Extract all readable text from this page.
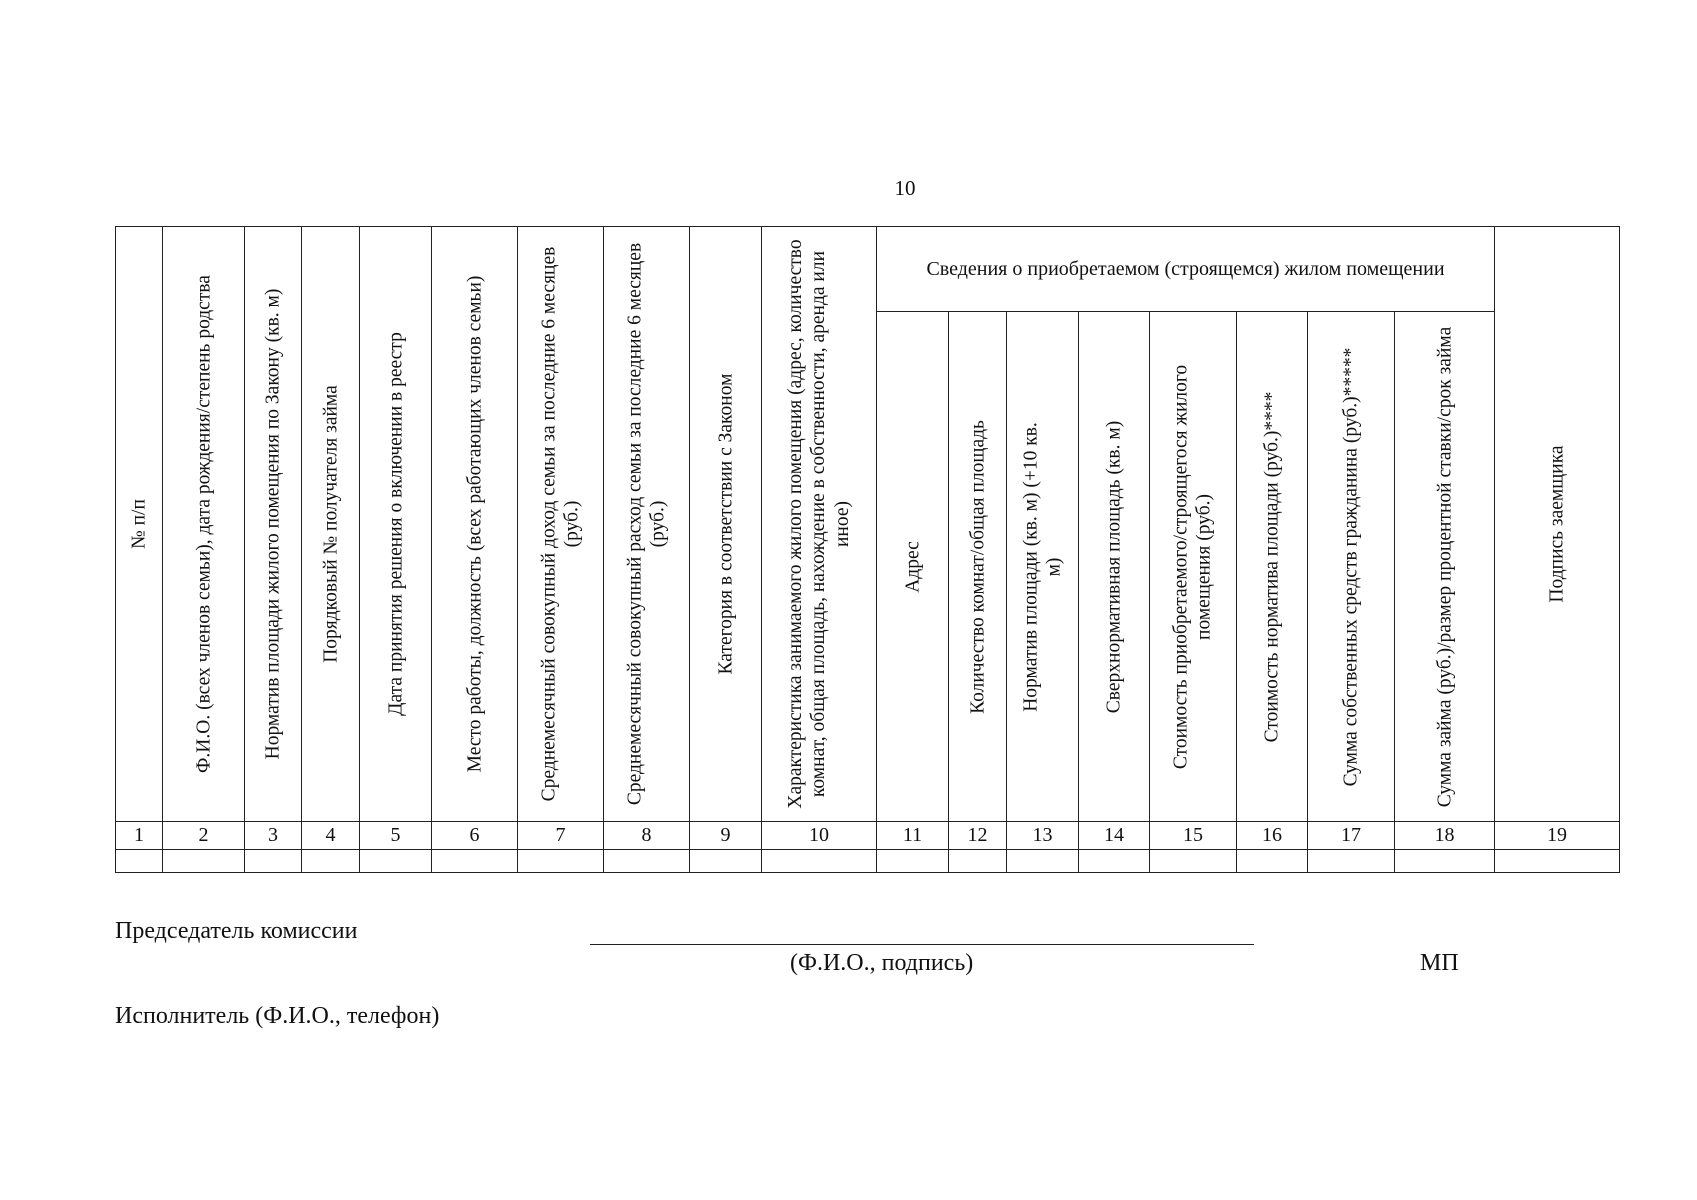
10
№ п/п	Ф.И.О. (всех членов семьи), дата рождения/степень родства	Норматив площади жилого помещения по Закону (кв. м)	Порядковый № получателя займа	Дата принятия решения о включении в реестр	Место работы, должность (всех работающих членов семьи)	Среднемесячный совокупный доход семьи за последние 6 месяцев (руб.)	Среднемесячный совокупный расход семьи за последние 6 месяцев (руб.)	Категория в соответствии с Законом	Характеристика занимаемого жилого помещения (адрес, количество комнат, общая площадь, нахождение в собственности, аренда или иное)	Сведения о приобретаемом (строящемся) жилом помещении								Подпись заемщика

										Адрес	Количество комнат/общая площадь	Норматив площади (кв. м) (+10 кв. м)	Сверхнормативная площадь (кв. м)	Стоимость приобретаемого/строящегося жилого помещения (руб.)	Стоимость норматива площади (руб.)****	Сумма собственных средств гражданина (руб.)*****	Сумма займа (руб.)/размер процентной ставки/срок займа	

1	2	3	4	5	6	7	8	9	10	11	12	13	14	15	16	17	18	19

Председатель комиссии
(Ф.И.О., подпись)	МП
Исполнитель (Ф.И.О., телефон)
